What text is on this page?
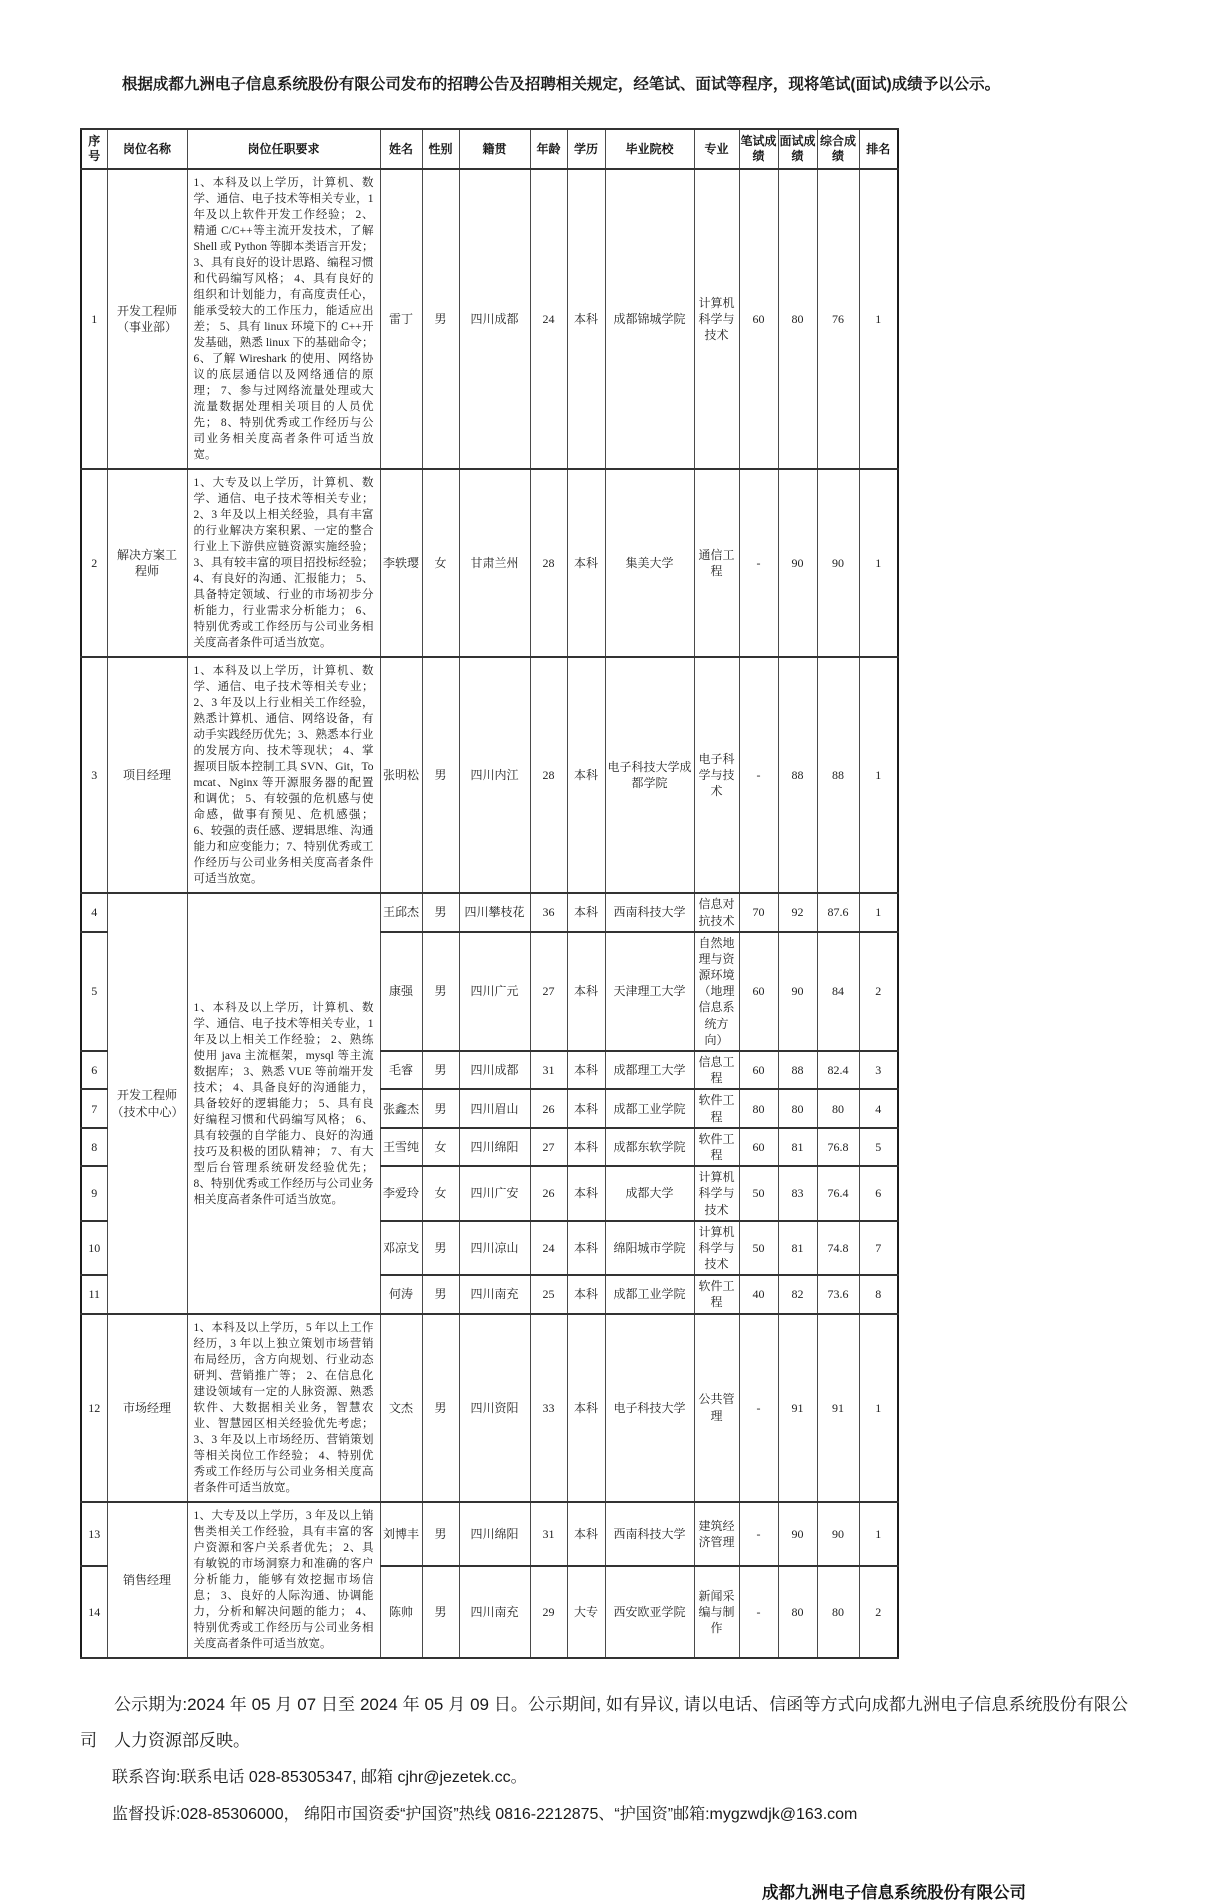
根据成都九洲电子信息系统股份有限公司发布的招聘公告及招聘相关规定，经笔试、面试等程序，现将笔试(面试)成绩予以公示。

序号	岗位名称	岗位任职要求	姓名	性别	籍贯	年龄	学历	毕业院校	专业	笔试成绩	面试成绩	综合成绩	排名
1	开发工程师（事业部）	1、本科及以上学历，计算机、数学、通信、电子技术等相关专业，1 年及以上软件开发工作经验； 2、精通 C/C++等主流开发技术，了解 Shell 或 Python 等脚本类语言开发； 3、具有良好的设计思路、编程习惯和代码编写风格； 4、具有良好的组织和计划能力，有高度责任心，能承受较大的工作压力，能适应出差； 5、具有 linux 环境下的 C++开发基础，熟悉 linux 下的基础命令； 6、了解 Wireshark 的使用、网络协议的底层通信以及网络通信的原理； 7、参与过网络流量处理或大流量数据处理相关项目的人员优先； 8、特别优秀或工作经历与公司业务相关度高者条件可适当放宽。	雷丁	男	四川成都	24	本科	成都锦城学院	计算机科学与技术	60	80	76	1
2	解决方案工程师	1、大专及以上学历，计算机、数学、通信、电子技术等相关专业； 2、3 年及以上相关经验，具有丰富的行业解决方案积累、一定的整合行业上下游供应链资源实施经验； 3、具有较丰富的项目招投标经验； 4、有良好的沟通、汇报能力； 5、具备特定领域、行业的市场初步分析能力，行业需求分析能力； 6、特别优秀或工作经历与公司业务相关度高者条件可适当放宽。	李轶璎	女	甘肃兰州	28	本科	集美大学	通信工程	-	90	90	1
3	项目经理	1、本科及以上学历，计算机、数学、通信、电子技术等相关专业； 2、3 年及以上行业相关工作经验，熟悉计算机、通信、网络设备，有动手实践经历优先；3、熟悉本行业的发展方向、技术等现状； 4、掌握项目版本控制工具 SVN、Git，Tomcat、Nginx 等开源服务器的配置和调优； 5、有较强的危机感与使命感，做事有预见、危机感强； 6、较强的责任感、逻辑思维、沟通能力和应变能力；7、特别优秀或工作经历与公司业务相关度高者条件可适当放宽。	张明松	男	四川内江	28	本科	电子科技大学成都学院	电子科学与技术	-	88	88	1
4	开发工程师（技术中心）	1、本科及以上学历，计算机、数学、通信、电子技术等相关专业，1 年及以上相关工作经验； 2、熟练使用 java 主流框架，mysql 等主流数据库； 3、熟悉 VUE 等前端开发技术； 4、具备良好的沟通能力，具备较好的逻辑能力； 5、具有良好编程习惯和代码编写风格； 6、具有较强的自学能力、良好的沟通技巧及积极的团队精神； 7、有大型后台管理系统研发经验优先； 8、特别优秀或工作经历与公司业务相关度高者条件可适当放宽。	王邱杰	男	四川攀枝花	36	本科	西南科技大学	信息对抗技术	70	92	87.6	1
5			康强	男	四川广元	27	本科	天津理工大学	自然地理与资源环境（地理信息系统方向）	60	90	84	2
6			毛睿	男	四川成都	31	本科	成都理工大学	信息工程	60	88	82.4	3
7			张鑫杰	男	四川眉山	26	本科	成都工业学院	软件工程	80	80	80	4
8			王雪纯	女	四川绵阳	27	本科	成都东软学院	软件工程	60	81	76.8	5
9			李爱玲	女	四川广安	26	本科	成都大学	计算机科学与技术	50	83	76.4	6
10			邓凉戈	男	四川凉山	24	本科	绵阳城市学院	计算机科学与技术	50	81	74.8	7
11			何涛	男	四川南充	25	本科	成都工业学院	软件工程	40	82	73.6	8
12	市场经理	1、本科及以上学历，5 年以上工作经历，3 年以上独立策划市场营销布局经历，含方向规划、行业动态研判、营销推广等； 2、在信息化建设领域有一定的人脉资源、熟悉软件、大数据相关业务，智慧农业、智慧园区相关经验优先考虑；3、3 年及以上市场经历、营销策划等相关岗位工作经验； 4、特别优秀或工作经历与公司业务相关度高者条件可适当放宽。	文杰	男	四川资阳	33	本科	电子科技大学	公共管理	-	91	91	1
13	销售经理	1、大专及以上学历，3 年及以上销售类相关工作经验，具有丰富的客户资源和客户关系者优先； 2、具有敏锐的市场洞察力和准确的客户分析能力，能够有效挖掘市场信息； 3、良好的人际沟通、协调能力，分析和解决问题的能力； 4、特别优秀或工作经历与公司业务相关度高者条件可适当放宽。	刘博丰	男	四川绵阳	31	本科	西南科技大学	建筑经济管理	-	90	90	1
14			陈帅	男	四川南充	29	大专	西安欧亚学院	新闻采编与制作	-	80	80	2

公示期为:2024 年 05 月 07 日至 2024 年 05 月 09 日。公示期间, 如有异议, 请以电话、信函等方式向成都九洲电子信息系统股份有限公司　人力资源部反映。

联系咨询:联系电话 028-85305347, 邮箱 cjhr@jezetek.cc。

监督投诉:028-85306000， 绵阳市国资委“护国资”热线 0816-2212875、“护国资”邮箱:mygzwdjk@163.com

成都九洲电子信息系统股份有限公司
